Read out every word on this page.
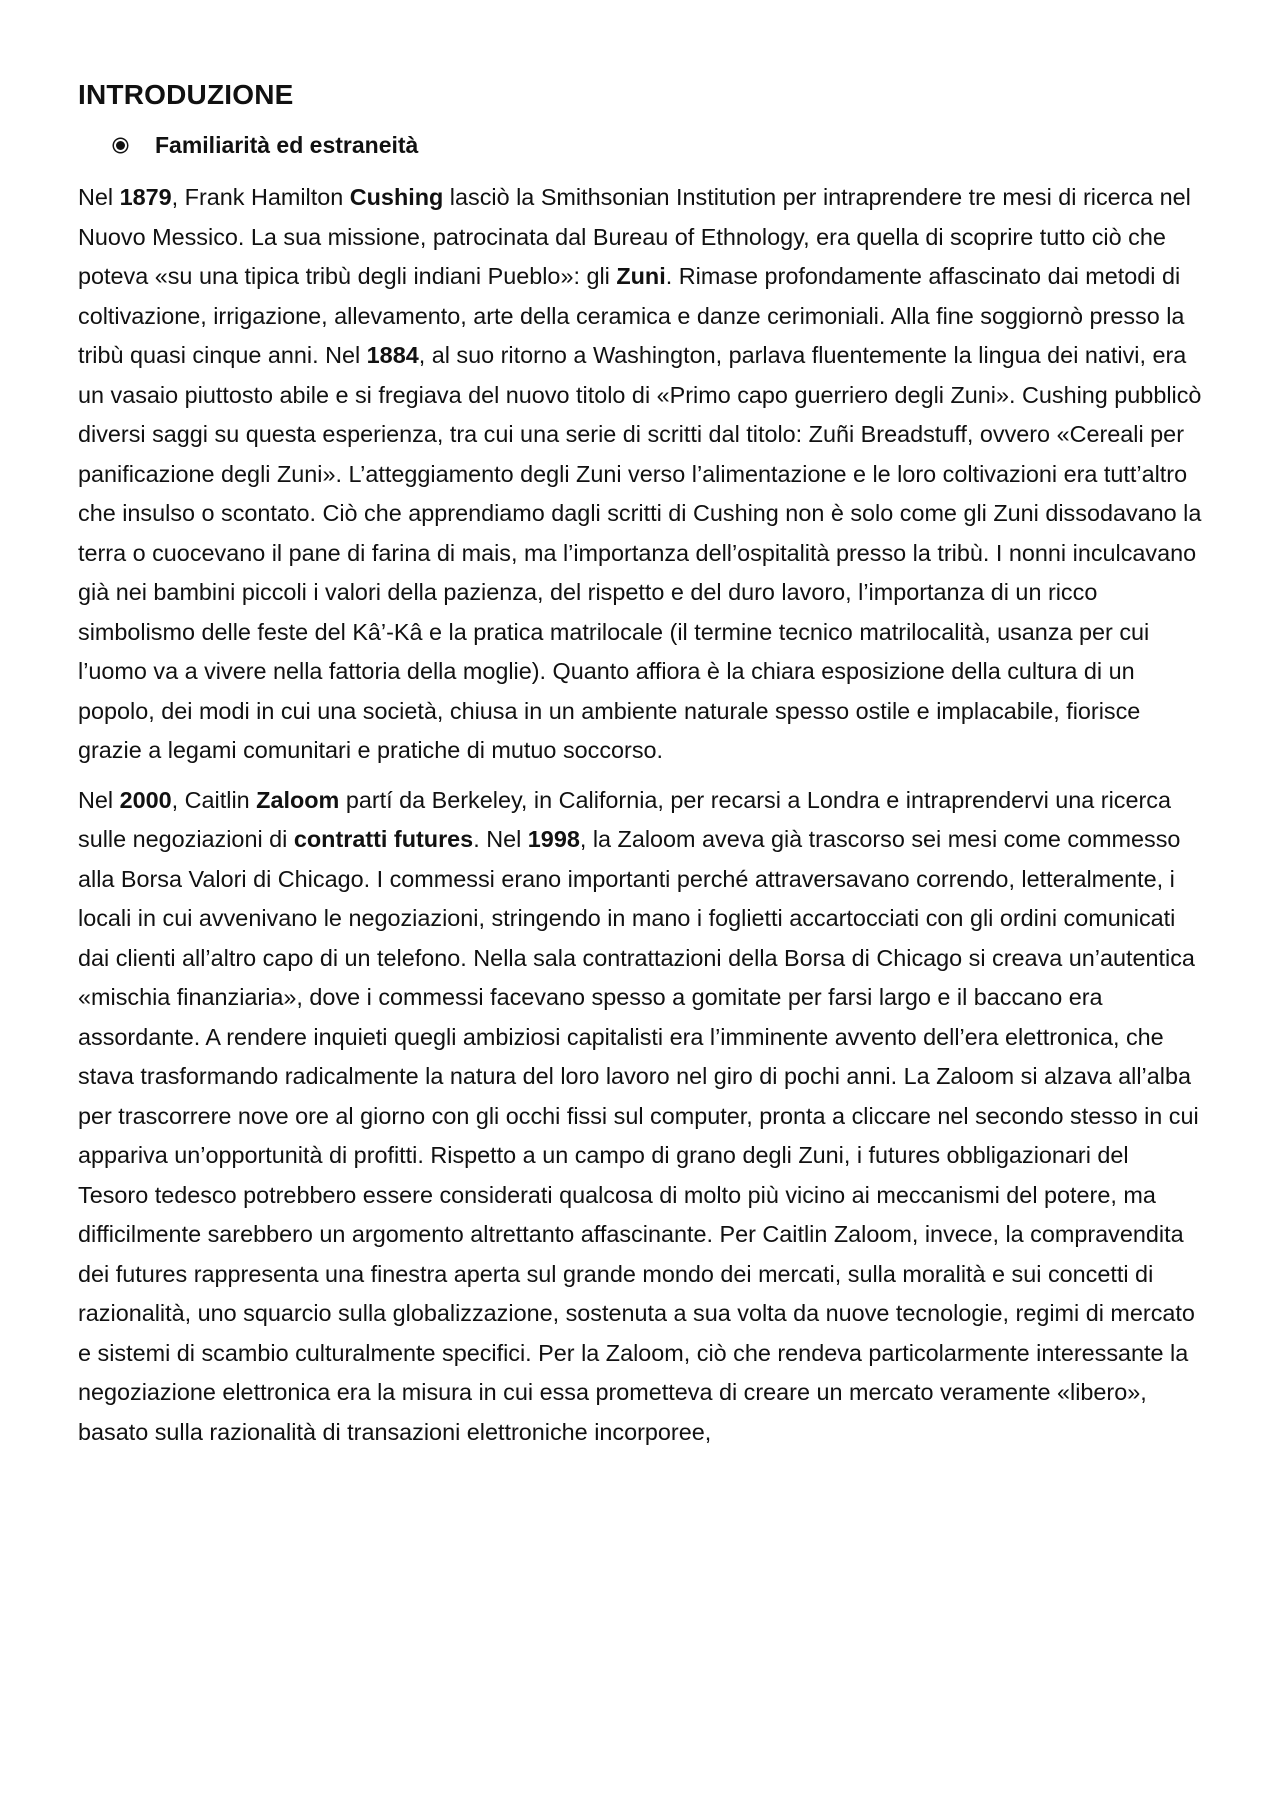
INTRODUZIONE
Familiarità ed estraneità

Nel 1879, Frank Hamilton Cushing lasciò la Smithsonian Institution per intraprendere tre mesi di ricerca nel Nuovo Messico. La sua missione, patrocinata dal Bureau of Ethnology, era quella di scoprire tutto ciò che poteva «su una tipica tribù degli indiani Pueblo»: gli Zuni. Rimase profondamente affascinato dai metodi di coltivazione, irrigazione, allevamento, arte della ceramica e danze cerimoniali. Alla fine soggiornò presso la tribù quasi cinque anni. Nel 1884, al suo ritorno a Washington, parlava fluentemente la lingua dei nativi, era un vasaio piuttosto abile e si fregiava del nuovo titolo di «Primo capo guerriero degli Zuni». Cushing pubblicò diversi saggi su questa esperienza, tra cui una serie di scritti dal titolo: Zuñi Breadstuff, ovvero «Cereali per panificazione degli Zuni». L’atteggiamento degli Zuni verso l’alimentazione e le loro coltivazioni era tutt’altro che insulso o scontato. Ciò che apprendiamo dagli scritti di Cushing non è solo come gli Zuni dissodavano la terra o cuocevano il pane di farina di mais, ma l’importanza dell’ospitalità presso la tribù. I nonni inculcavano già nei bambini piccoli i valori della pazienza, del rispetto e del duro lavoro, l’importanza di un ricco simbolismo delle feste del Kâ’-Kâ e la pratica matrilocale (il termine tecnico matrilocalità, usanza per cui l’uomo va a vivere nella fattoria della moglie). Quanto affiora è la chiara esposizione della cultura di un popolo, dei modi in cui una società, chiusa in un ambiente naturale spesso ostile e implacabile, fiorisce grazie a legami comunitari e pratiche di mutuo soccorso.

Nel 2000, Caitlin Zaloom partí da Berkeley, in California, per recarsi a Londra e intraprendervi una ricerca sulle negoziazioni di contratti futures. Nel 1998, la Zaloom aveva già trascorso sei mesi come commesso alla Borsa Valori di Chicago. I commessi erano importanti perché attraversavano correndo, letteralmente, i locali in cui avvenivano le negoziazioni, stringendo in mano i foglietti accartocciati con gli ordini comunicati dai clienti all’altro capo di un telefono. Nella sala contrattazioni della Borsa di Chicago si creava un’autentica «mischia finanziaria», dove i commessi facevano spesso a gomitate per farsi largo e il baccano era assordante. A rendere inquieti quegli ambiziosi capitalisti era l’imminente avvento dell’era elettronica, che stava trasformando radicalmente la natura del loro lavoro nel giro di pochi anni. La Zaloom si alzava all’alba per trascorrere nove ore al giorno con gli occhi fissi sul computer, pronta a cliccare nel secondo stesso in cui appariva un’opportunità di profitti. Rispetto a un campo di grano degli Zuni, i futures obbligazionari del Tesoro tedesco potrebbero essere considerati qualcosa di molto più vicino ai meccanismi del potere, ma difficilmente sarebbero un argomento altrettanto affascinante. Per Caitlin Zaloom, invece, la compravendita dei futures rappresenta una finestra aperta sul grande mondo dei mercati, sulla moralità e sui concetti di razionalità, uno squarcio sulla globalizzazione, sostenuta a sua volta da nuove tecnologie, regimi di mercato e sistemi di scambio culturalmente specifici. Per la Zaloom, ciò che rendeva particolarmente interessante la negoziazione elettronica era la misura in cui essa prometteva di creare un mercato veramente «libero», basato sulla razionalità di transazioni elettroniche incorporee,
